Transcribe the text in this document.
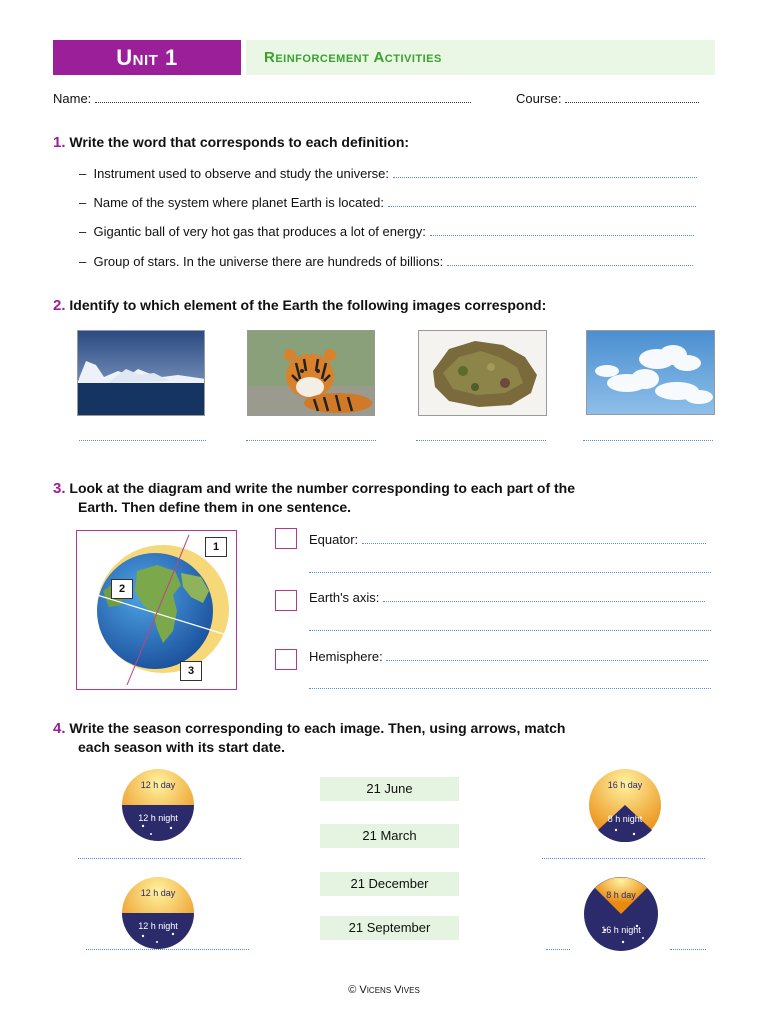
Unit 1	Reinforcement Activities
Name:	Course:
1. Write the word that corresponds to each definition:
–  Instrument used to observe and study the universe:
–  Name of the system where planet Earth is located:
–  Gigantic ball of very hot gas that produces a lot of energy:
–  Group of stars. In the universe there are hundreds of billions:
2. Identify to which element of the Earth the following images correspond:
3. Look at the diagram and write the number corresponding to each part of the
Earth. Then define them in one sentence.
1
2
3
Equator:
Earth's axis:
Hemisphere:
4. Write the season corresponding to each image. Then, using arrows, match
each season with its start date.
12 h day
12 h night
16 h day
8 h night
12 h day
12 h night
8 h day
16 h night
21 June
21 March
21 December
21 September
© Vicens Vives
